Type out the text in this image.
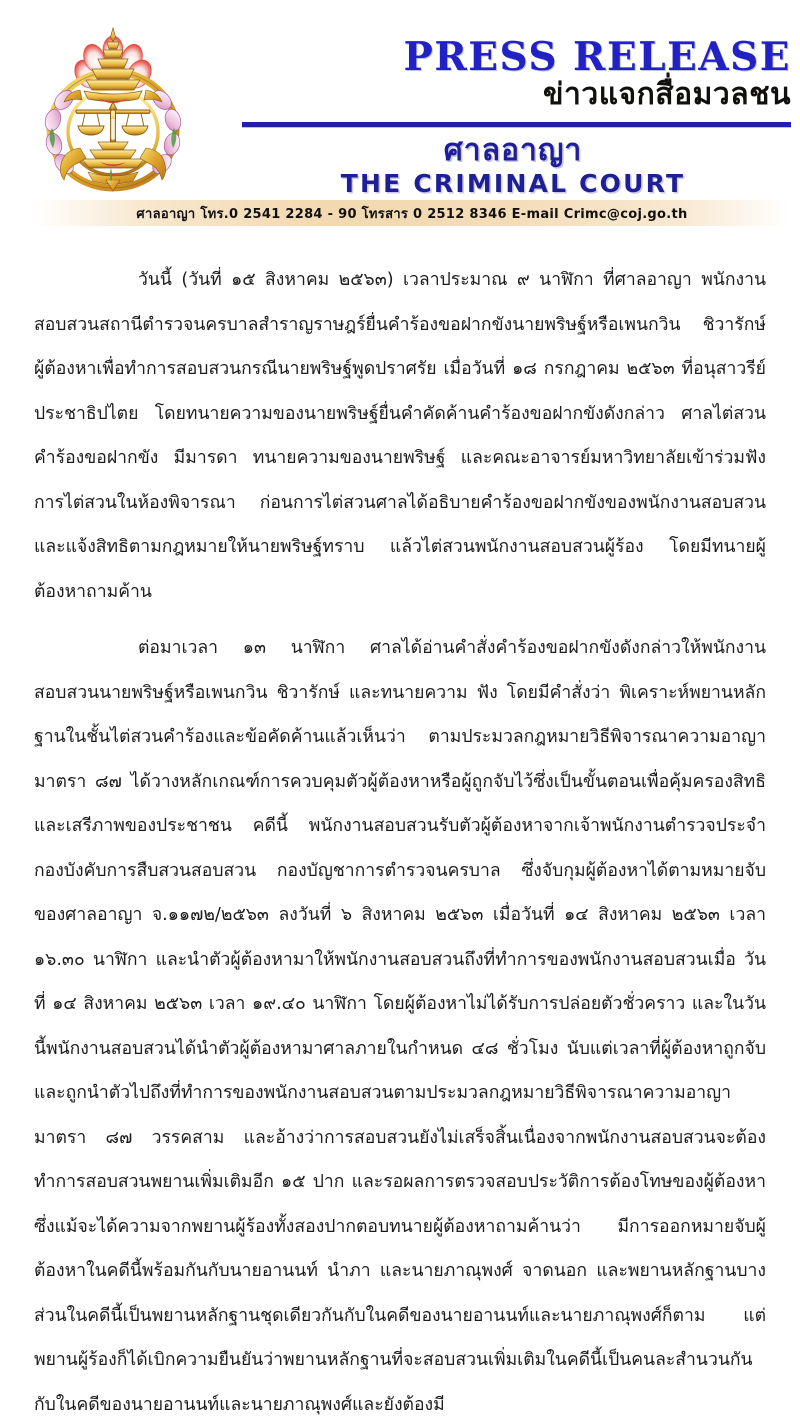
PRESS RELEASE
ข่าวแจกสื่อมวลชน
ศาลอาญา
THE CRIMINAL COURT
ศาลอาญา โทร.0 2541 2284 - 90 โทรสาร 0 2512 8346 E-mail Crimc@coj.go.th

วันนี้ (วันที่ ๑๕ สิงหาคม ๒๕๖๓) เวลาประมาณ ๙ นาฬิกา ที่ศาลอาญา พนักงานสอบสวนสถานีตำรวจนครบาลสำราญราษฎร์ยื่นคำร้องขอฝากขังนายพริษฐ์หรือเพนกวิน ชิวารักษ์ ผู้ต้องหาเพื่อทำการสอบสวนกรณีนายพริษฐ์พูดปราศรัย เมื่อวันที่ ๑๘ กรกฎาคม ๒๕๖๓ ที่อนุสาวรีย์ประชาธิปไตย โดยทนายความของนายพริษฐ์ยื่นคำคัดค้านคำร้องขอฝากขังดังกล่าว ศาลไต่สวนคำร้องขอฝากขัง มีมารดา ทนายความของนายพริษฐ์ และคณะอาจารย์มหาวิทยาลัยเข้าร่วมฟังการไต่สวนในห้องพิจารณา ก่อนการไต่สวนศาลได้อธิบายคำร้องขอฝากขังของพนักงานสอบสวนและแจ้งสิทธิตามกฎหมายให้นายพริษฐ์ทราบ แล้วไต่สวนพนักงานสอบสวนผู้ร้อง โดยมีทนายผู้ต้องหาถามค้าน

ต่อมาเวลา ๑๓ นาฬิกา ศาลได้อ่านคำสั่งคำร้องขอฝากขังดังกล่าวให้พนักงานสอบสวนนายพริษฐ์หรือเพนกวิน ชิวารักษ์ และทนายความ ฟัง โดยมีคำสั่งว่า พิเคราะห์พยานหลักฐานในชั้นไต่สวนคำร้องและข้อคัดค้านแล้วเห็นว่า ตามประมวลกฎหมายวิธีพิจารณาความอาญา มาตรา ๘๗ ได้วางหลักเกณฑ์การควบคุมตัวผู้ต้องหาหรือผู้ถูกจับไว้ซึ่งเป็นขั้นตอนเพื่อคุ้มครองสิทธิและเสรีภาพของประชาชน คดีนี้ พนักงานสอบสวนรับตัวผู้ต้องหาจากเจ้าพนักงานตำรวจประจำกองบังคับการสืบสวนสอบสวน กองบัญชาการตำรวจนครบาล ซึ่งจับกุมผู้ต้องหาได้ตามหมายจับของศาลอาญา จ.๑๑๗๒/๒๕๖๓ ลงวันที่ ๖ สิงหาคม ๒๕๖๓ เมื่อวันที่ ๑๔ สิงหาคม ๒๕๖๓ เวลา ๑๖.๓๐ นาฬิกา และนำตัวผู้ต้องหามาให้พนักงานสอบสวนถึงที่ทำการของพนักงานสอบสวนเมื่อ วันที่ ๑๔ สิงหาคม ๒๕๖๓ เวลา ๑๙.๔๐ นาฬิกา โดยผู้ต้องหาไม่ได้รับการปล่อยตัวชั่วคราว และในวันนี้พนักงานสอบสวนได้นำตัวผู้ต้องหามาศาลภายในกำหนด ๔๘ ชั่วโมง นับแต่เวลาที่ผู้ต้องหาถูกจับและถูกนำตัวไปถึงที่ทำการของพนักงานสอบสวนตามประมวลกฎหมายวิธีพิจารณาความอาญา มาตรา ๘๗ วรรคสาม และอ้างว่าการสอบสวนยังไม่เสร็จสิ้นเนื่องจากพนักงานสอบสวนจะต้องทำการสอบสวนพยานเพิ่มเติมอีก ๑๕ ปาก และรอผลการตรวจสอบประวัติการต้องโทษของผู้ต้องหา ซึ่งแม้จะได้ความจากพยานผู้ร้องทั้งสองปากตอบทนายผู้ต้องหาถามค้านว่า มีการออกหมายจับผู้ต้องหาในคดีนี้พร้อมกันกับนายอานนท์ นำภา และนายภาณุพงศ์ จาดนอก และพยานหลักฐานบางส่วนในคดีนี้เป็นพยานหลักฐานชุดเดียวกันกับในคดีของนายอานนท์และนายภาณุพงศ์ก็ตาม แต่พยานผู้ร้องก็ได้เบิกความยืนยันว่าพยานหลักฐานที่จะสอบสวนเพิ่มเติมในคดีนี้เป็นคนละสำนวนกันกับในคดีของนายอานนท์และนายภาณุพงศ์และยังต้องมี
